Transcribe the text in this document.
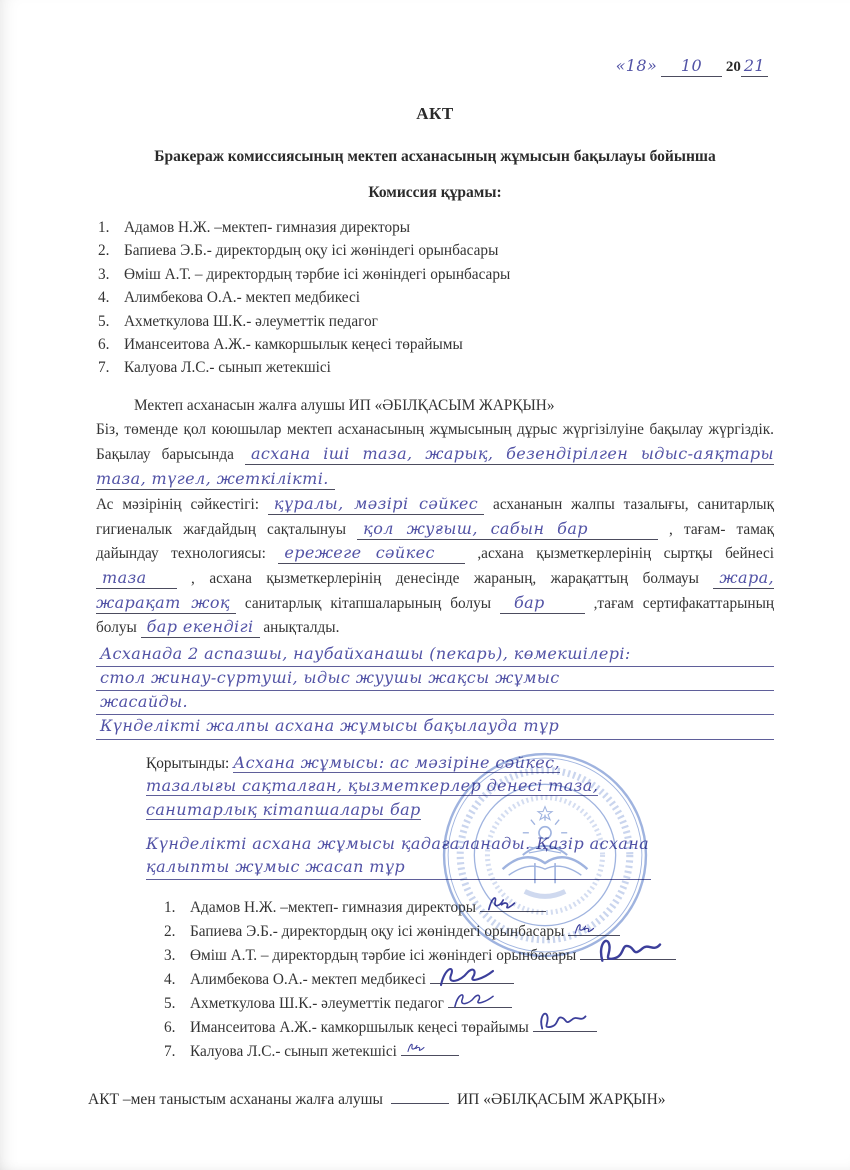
«18» 10 20 21
АКТ
Бракераж комиссиясының мектеп асханасының жұмысын бақылауы бойынша
Комиссия құрамы:
1. Адамов Н.Ж. –мектеп- гимназия директоры
2. Бапиева Э.Б.- директордың оқу ісі жөніндегі орынбасары
3. Өміш А.Т. – директордың тәрбие ісі жөніндегі орынбасары
4. Алимбекова О.А.- мектеп медбикесі
5. Ахметкулова Ш.К.- әлеуметтік педагог
6. Имансеитова А.Ж.- камкоршылык кеңесі төрайымы
7. Калуова Л.С.- сынып жетекшісі

Мектеп асханасын жалға алушы ИП «ӘБІЛҚАСЫМ ЖАРҚЫН»

Біз, төменде қол коюшылар мектеп асханасының жұмысының дұрыс жүргізілуіне бақылау жүргіздік. Бақылау барысында асхана іші таза, жарық, безендірілген ыдыс-аяқтары таза, түгел, жеткілікті.

Ас мәзірінің сәйкестігі: құралы, мәзірі сәйкес асхананын жалпы тазалығы, санитарлық гигиеналык жағдайдың сақталынуы қол жуғыш, сабын бар	, тағам- тамақ дайындау технологиясы: ережеге сәйкес	,асхана қызметкерлерінің сыртқы бейнесі таза	, асхана қызметкерлерінің денесінде жараның, жарақаттың болмауы жара, жарақат жоқ санитарлық кітапшаларының болуы бар	,тағам сертифакаттарының болуы бар екендігі анықталды.

Асханада 2 аспазшы, наубайханашы (пекарь), көмекшілері:
стол жинау-сүртуші, ыдыс жуушы жақсы жұмыс
жасайды.
Күнделікті жалпы асхана жұмысы бақылауда тұр
Қорытынды: Асхана жұмысы: ас мәзіріне сәйкес, тазалығы сақталған, қызметкерлер денесі таза, санитарлық кітапшалары бар
Күнделікті асхана жұмысы қадағаланады. Қазір асхана қалыпты жұмыс жасап тұр
1. Адамов Н.Ж. –мектеп- гимназия директоры
2. Бапиева Э.Б.- директордың оқу ісі жөніндегі орынбасары
3. Өміш А.Т. – директордың тәрбие ісі жөніндегі орынбасары
4. Алимбекова О.А.- мектеп медбикесі
5. Ахметкулова Ш.К.- әлеуметтік педагог
6. Имансеитова А.Ж.- камкоршылык кеңесі төрайымы
7. Калуова Л.С.- сынып жетекшісі

АКТ –мен таныстым асхананы жалға алушы	ИП «ӘБІЛҚАСЫМ ЖАРҚЫН»
